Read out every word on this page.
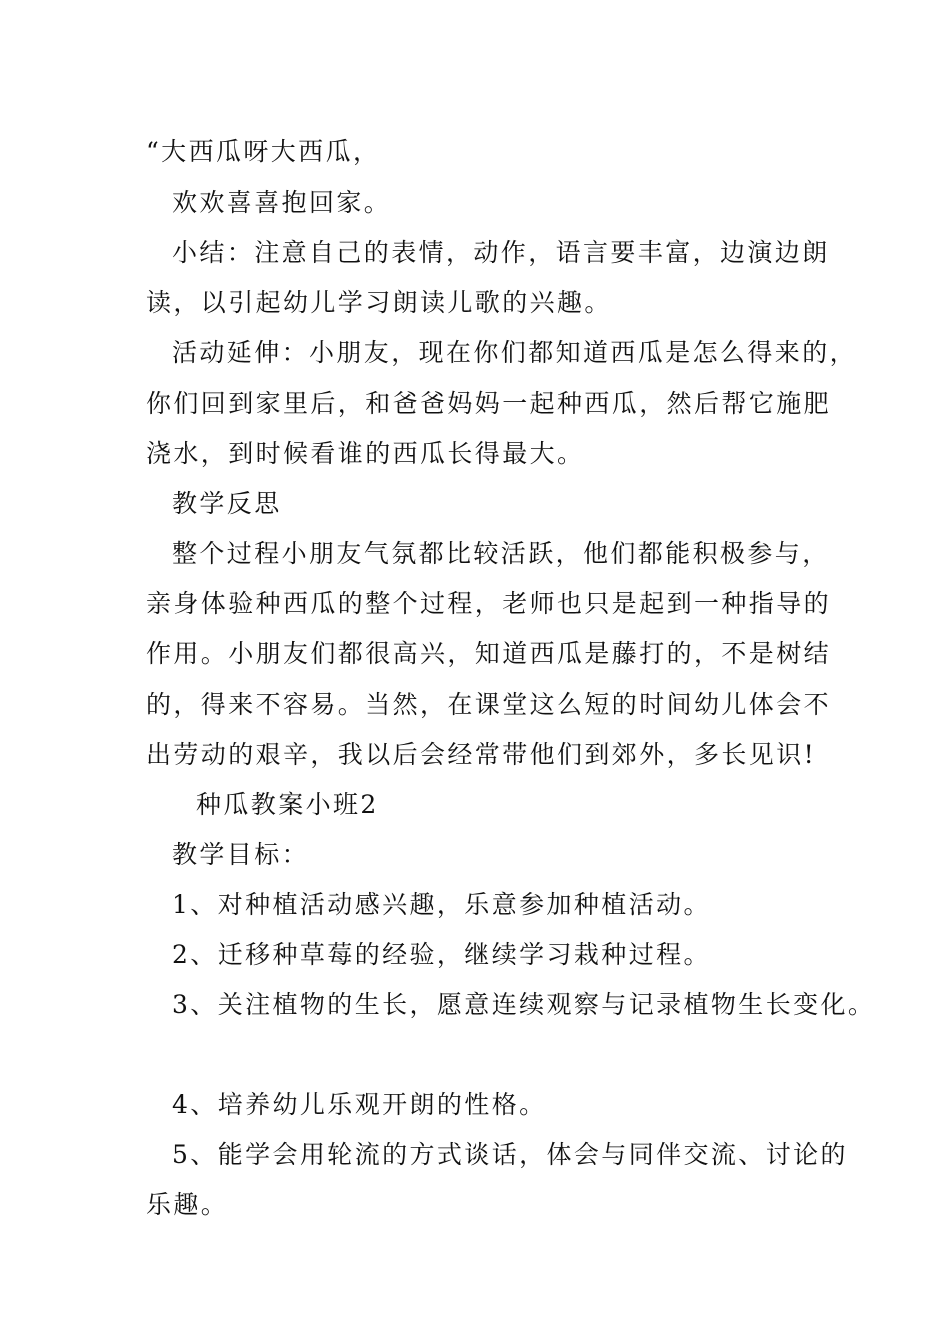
“大西瓜呀大西瓜，
欢欢喜喜抱回家。
小结：注意自己的表情，动作，语言要丰富，边演边朗
读，以引起幼儿学习朗读儿歌的兴趣。
活动延伸：小朋友，现在你们都知道西瓜是怎么得来的，
你们回到家里后，和爸爸妈妈一起种西瓜，然后帮它施肥
浇水，到时候看谁的西瓜长得最大。
教学反思
整个过程小朋友气氛都比较活跃，他们都能积极参与，
亲身体验种西瓜的整个过程，老师也只是起到一种指导的
作用。小朋友们都很高兴，知道西瓜是藤打的，不是树结
的，得来不容易。当然，在课堂这么短的时间幼儿体会不
出劳动的艰辛，我以后会经常带他们到郊外，多长见识!
种瓜教案小班2
教学目标：
1、对种植活动感兴趣，乐意参加种植活动。
2、迁移种草莓的经验，继续学习栽种过程。
3、关注植物的生长，愿意连续观察与记录植物生长变化。
4、培养幼儿乐观开朗的性格。
5、能学会用轮流的方式谈话，体会与同伴交流、讨论的
乐趣。
